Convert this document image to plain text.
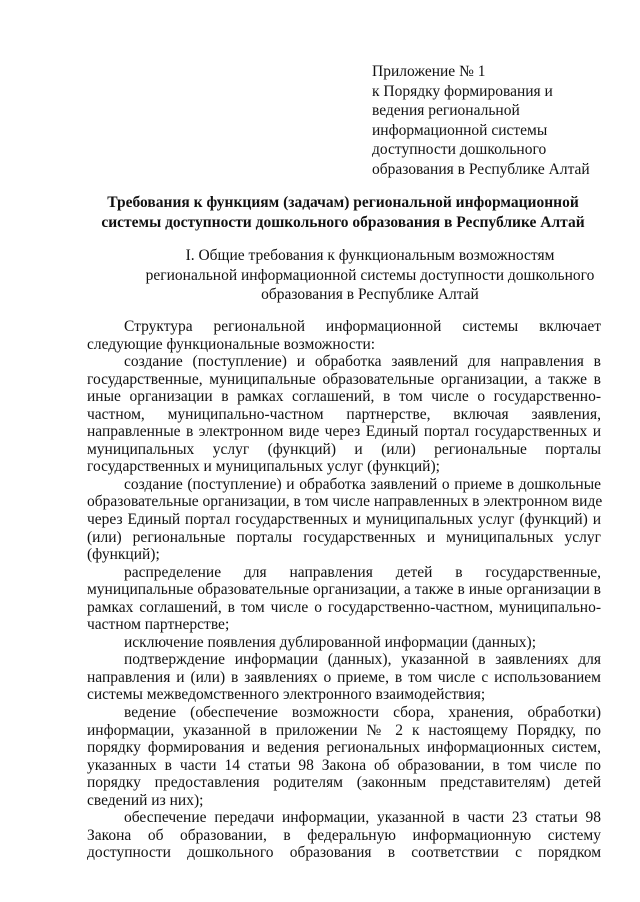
Приложение № 1
к Порядку формирования и
ведения региональной
информационной системы
доступности дошкольного
образования в Республике Алтай
Требования к функциям (задачам) региональной информационной
системы доступности дошкольного образования в Республике Алтай
I. Общие требования к функциональным возможностям
региональной информационной системы доступности дошкольного
образования в Республике Алтай
Структура региональной информационной системы включает
следующие функциональные возможности:
создание (поступление) и обработка заявлений для направления в
государственные, муниципальные образовательные организации, а также в
иные организации в рамках соглашений, в том числе о государственно-
частном, муниципально-частном партнерстве, включая заявления,
направленные в электронном виде через Единый портал государственных и
муниципальных услуг (функций) и (или) региональные порталы
государственных и муниципальных услуг (функций);
создание (поступление) и обработка заявлений о приеме в дошкольные
образовательные организации, в том числе направленных в электронном виде
через Единый портал государственных и муниципальных услуг (функций) и
(или) региональные порталы государственных и муниципальных услуг
(функций);
распределение для направления детей в государственные,
муниципальные образовательные организации, а также в иные организации в
рамках соглашений, в том числе о государственно-частном, муниципально-
частном партнерстве;
исключение появления дублированной информации (данных);
подтверждение информации (данных), указанной в заявлениях для
направления и (или) в заявлениях о приеме, в том числе с использованием
системы межведомственного электронного взаимодействия;
ведение (обеспечение возможности сбора, хранения, обработки)
информации, указанной в приложении № 2 к настоящему Порядку, по
порядку формирования и ведения региональных информационных систем,
указанных в части 14 статьи 98 Закона об образовании, в том числе по
порядку предоставления родителям (законным представителям) детей
сведений из них);
обеспечение передачи информации, указанной в части 23 статьи 98
Закона об образовании, в федеральную информационную систему
доступности дошкольного образования в соответствии с порядком
